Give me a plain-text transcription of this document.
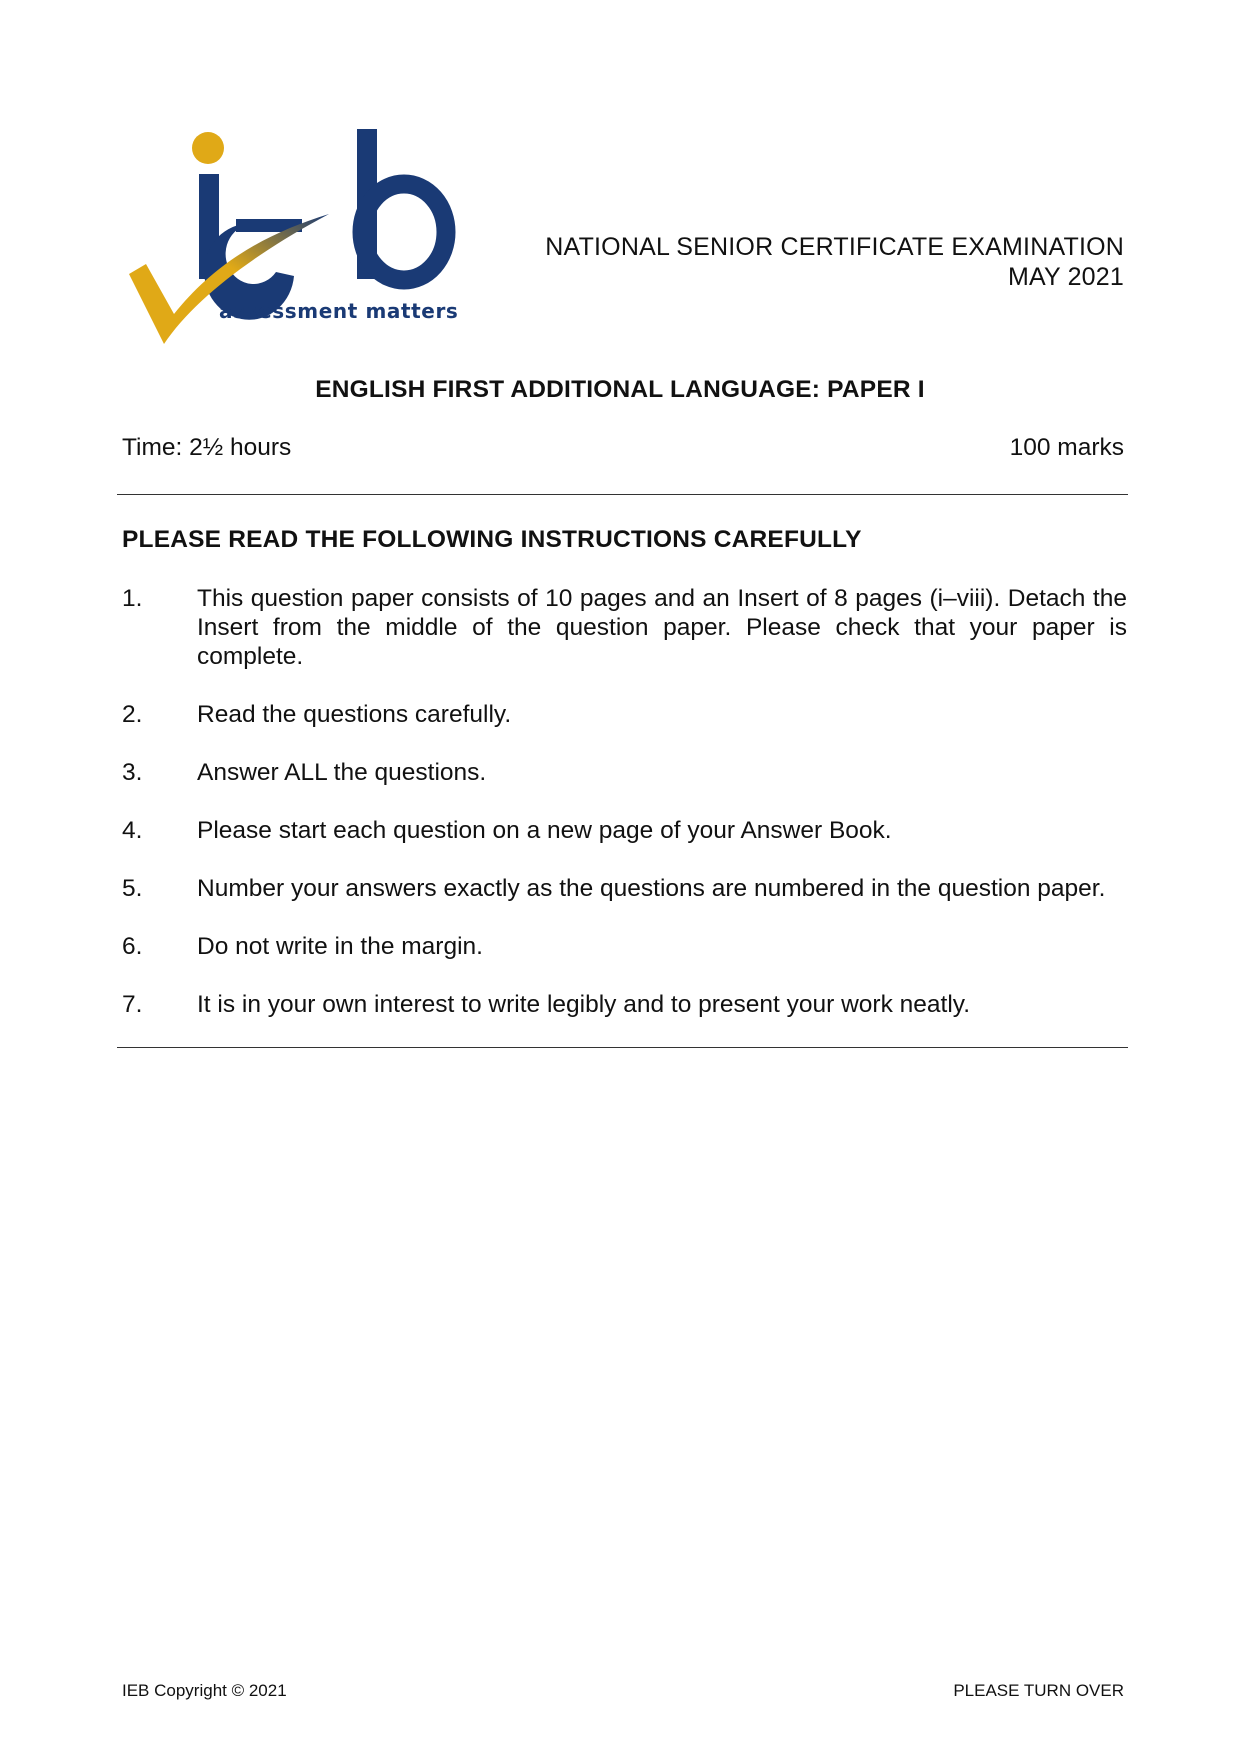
assessment matters
NATIONAL SENIOR CERTIFICATE EXAMINATION
MAY 2021
ENGLISH FIRST ADDITIONAL LANGUAGE: PAPER I
Time: 2½ hours	100 marks
PLEASE READ THE FOLLOWING INSTRUCTIONS CAREFULLY
1.	This question paper consists of 10 pages and an Insert of 8 pages (i–viii). Detach the Insert from the middle of the question paper. Please check that your paper is complete.
2.	Read the questions carefully.
3.	Answer ALL the questions.
4.	Please start each question on a new page of your Answer Book.
5.	Number your answers exactly as the questions are numbered in the question paper.
6.	Do not write in the margin.
7.	It is in your own interest to write legibly and to present your work neatly.
IEB Copyright © 2021	PLEASE TURN OVER
